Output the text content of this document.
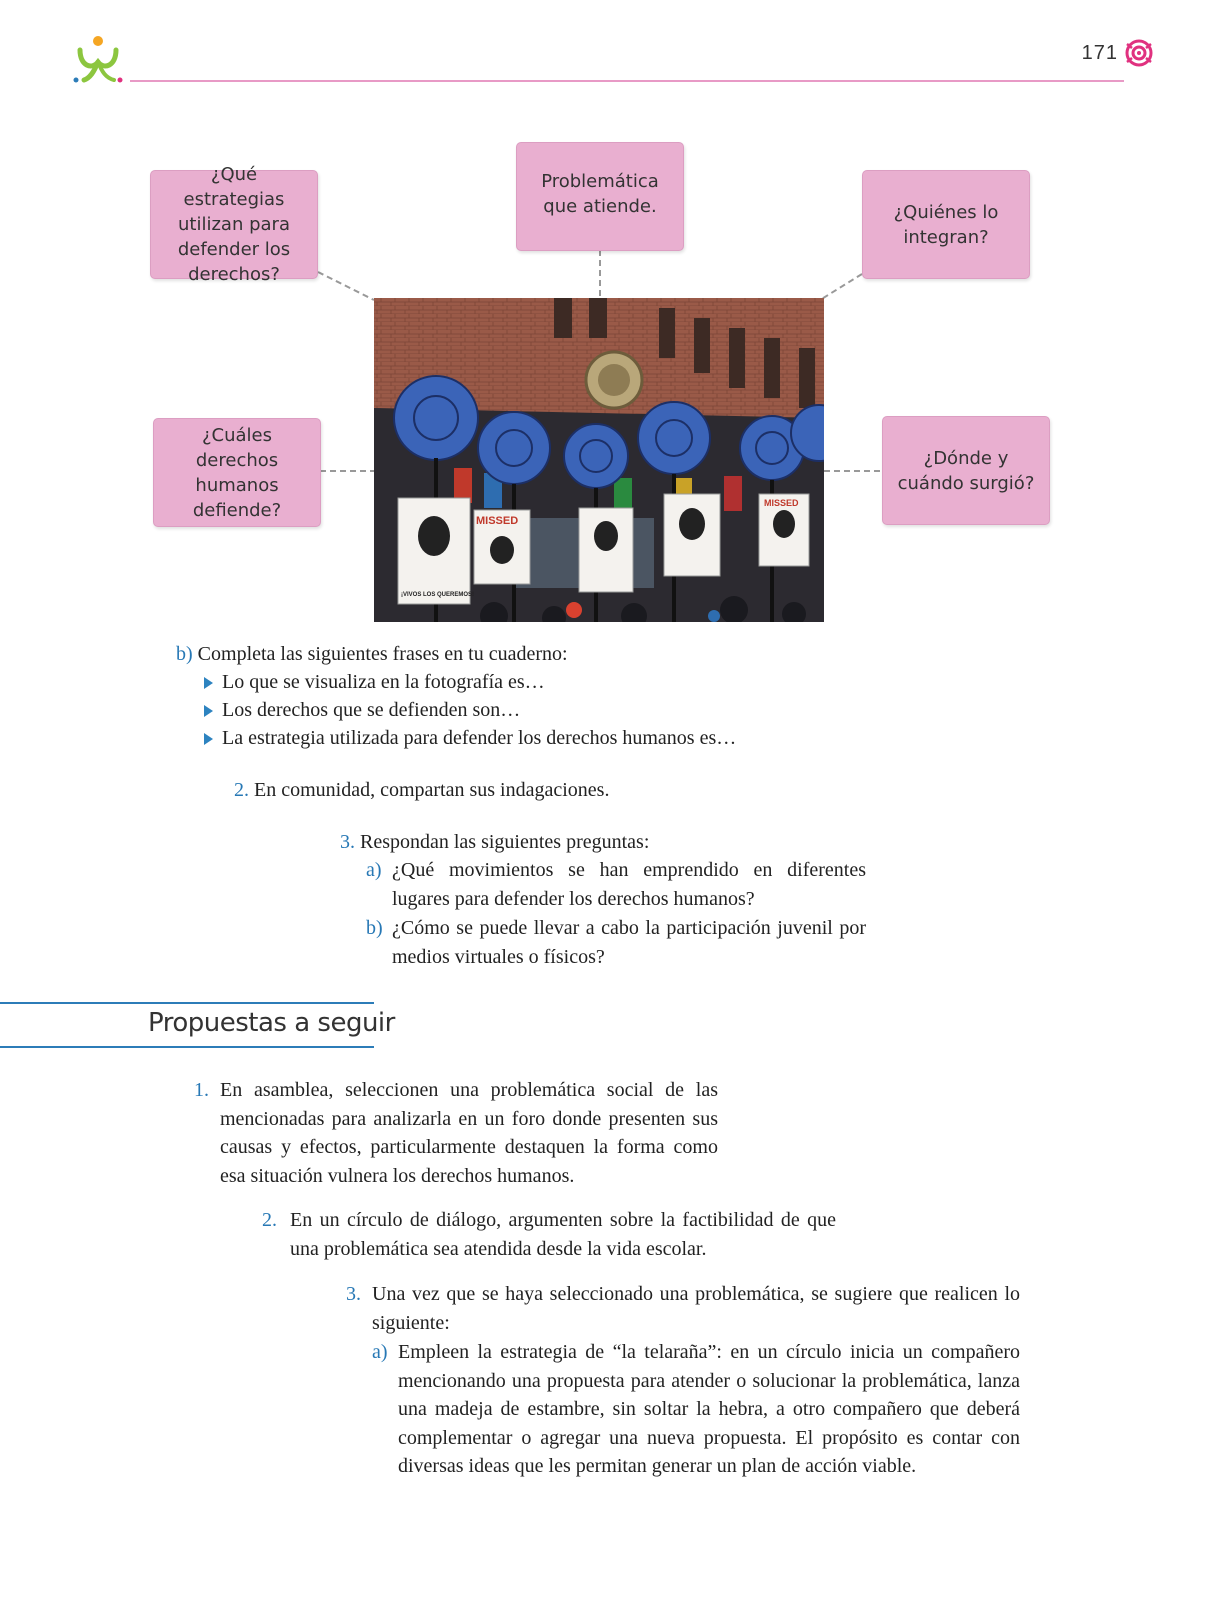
171
¿Qué estrategias utilizan para defender los derechos?
Problemática que atiende.	¿Quiénes lo integran?
¿Cuáles derechos humanos defiende?
¿Dónde y cuándo surgió?
MISSED
MISSED
¡VIVOS LOS QUEREMOS!
b) Completa las siguientes frases en tu cuaderno:
Lo que se visualiza en la fotografía es…
Los derechos que se defienden son…
La estrategia utilizada para defender los derechos humanos es…
2. En comunidad, compartan sus indagaciones.
3. Respondan las siguientes preguntas:
a) ¿Qué movimientos se han emprendido en diferentes lugares para defender los derechos humanos?
b) ¿Cómo se puede llevar a cabo la participación juvenil por medios virtuales o físicos?
Propuestas a seguir
1. En asamblea, seleccionen una problemática social de las mencionadas para analizarla en un foro donde presenten sus causas y efectos, particularmente destaquen la forma como esa situación vulnera los derechos humanos.
2. En un círculo de diálogo, argumenten sobre la factibilidad de que una problemática sea atendida desde la vida escolar.
3. Una vez que se haya seleccionado una problemática, se sugiere que realicen lo siguiente:
a) Empleen la estrategia de “la telaraña”: en un círculo inicia un compañero mencionando una propuesta para atender o solucionar la problemática, lanza una madeja de estambre, sin soltar la hebra, a otro compañero que deberá complementar o agregar una nueva propuesta. El propósito es contar con diversas ideas que les permitan generar un plan de acción viable.
